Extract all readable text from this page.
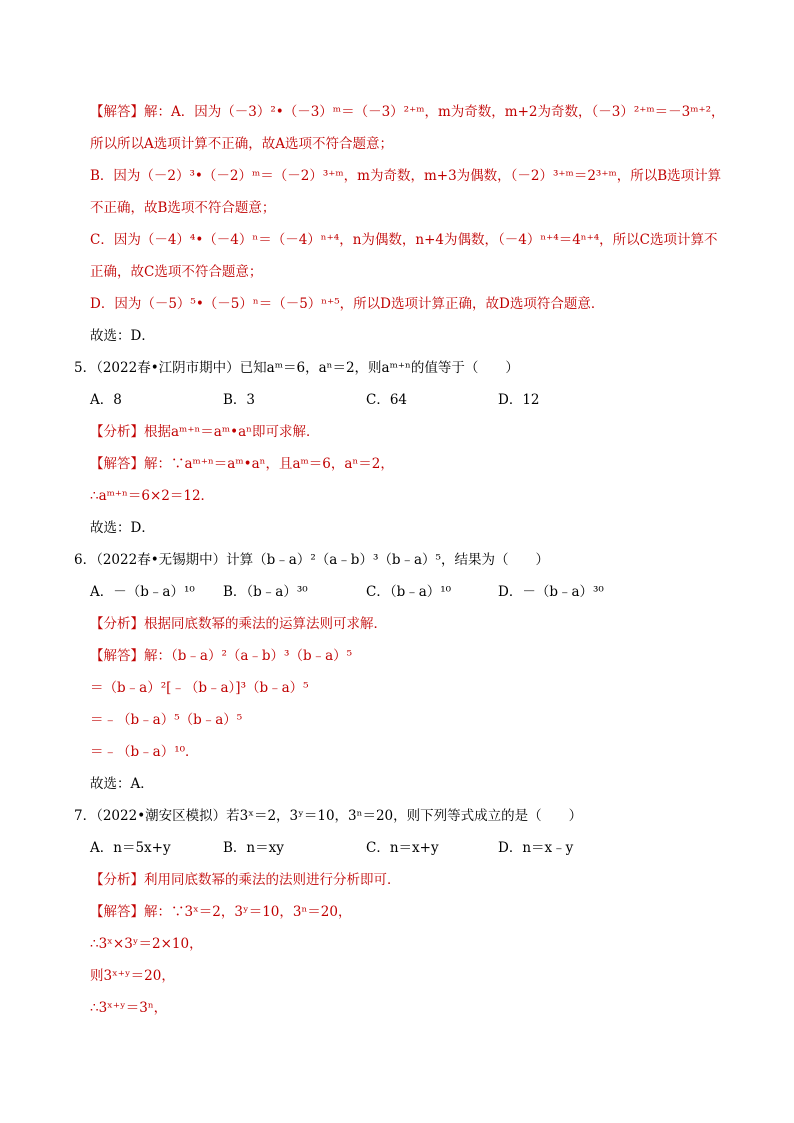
【解答】解：A．因为（－3）²•（－3）ᵐ＝（－3）²⁺ᵐ，m为奇数，m+2为奇数，（－3）²⁺ᵐ＝－3ᵐ⁺²，
所以所以A选项计算不正确，故A选项不符合题意；
B．因为（－2）³•（－2）ᵐ＝（－2）³⁺ᵐ，m为奇数，m+3为偶数，（－2）³⁺ᵐ＝2³⁺ᵐ，所以B选项计算
不正确，故B选项不符合题意；
C．因为（－4）⁴•（－4）ⁿ＝（－4）ⁿ⁺⁴，n为偶数，n+4为偶数，（－4）ⁿ⁺⁴＝4ⁿ⁺⁴，所以C选项计算不
正确，故C选项不符合题意；
D．因为（－5）⁵•（－5）ⁿ＝（－5）ⁿ⁺⁵，所以D选项计算正确，故D选项符合题意．
故选：D．
5．（2022春•江阴市期中）已知aᵐ＝6，aⁿ＝2，则aᵐ⁺ⁿ的值等于（　　）
A．8	B．3	C．64	D．12
【分析】根据aᵐ⁺ⁿ＝aᵐ•aⁿ即可求解．
【解答】解：∵aᵐ⁺ⁿ＝aᵐ•aⁿ，且aᵐ＝6，aⁿ＝2，
∴aᵐ⁺ⁿ＝6×2＝12．
故选：D．
6．（2022春•无锡期中）计算（b﹣a）²（a﹣b）³（b﹣a）⁵，结果为（　　）
A．－（b﹣a）¹⁰ B．（b﹣a）³⁰	C．（b﹣a）¹⁰	D．－（b﹣a）³⁰
【分析】根据同底数幂的乘法的运算法则可求解．
【解答】解：（b﹣a）²（a﹣b）³（b﹣a）⁵
＝（b﹣a）²[﹣（b﹣a）]³（b﹣a）⁵
＝﹣（b﹣a）⁵（b﹣a）⁵
＝﹣（b﹣a）¹⁰．
故选：A．
7．（2022•潮安区模拟）若3ˣ＝2，3ʸ＝10，3ⁿ＝20，则下列等式成立的是（　　）
A．n＝5x+y	B．n＝xy	C．n＝x+y	D．n＝x﹣y
【分析】利用同底数幂的乘法的法则进行分析即可．
【解答】解：∵3ˣ＝2，3ʸ＝10，3ⁿ＝20，
∴3ˣ×3ʸ＝2×10，
则3ˣ⁺ʸ＝20，
∴3ˣ⁺ʸ＝3ⁿ，
